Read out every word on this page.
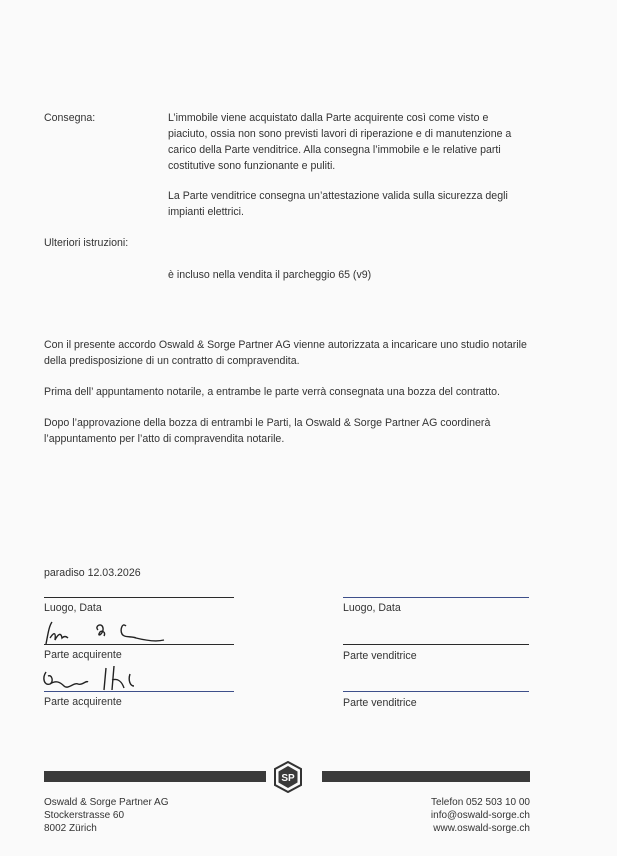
Consegna:	L’immobile viene acquistato dalla Parte acquirente così come visto e piaciuto, ossia non sono previsti lavori di riperazione e di manutenzione a carico della Parte venditrice. Alla consegna l’immobile e le relative parti costitutive sono funzionante e puliti.
La Parte venditrice consegna un’attestazione valida sulla sicurezza degli impianti elettrici.
Ulteriori istruzioni:
è incluso nella vendita il parcheggio 65 (v9)
Con il presente accordo Oswald & Sorge Partner AG vienne autorizzata a incaricare uno studio notarile della predisposizione di un contratto di compravendita.
Prima dell’ appuntamento notarile, a entrambe le parte verrà consegnata una bozza del contratto.
Dopo l’approvazione della bozza di entrambi le Parti, la Oswald & Sorge Partner AG coordinerà l’appuntamento per l’atto di compravendita notarile.
paradiso 12.03.2026
Luogo, Data	Luogo, Data
Parte acquirente	Parte venditrice
Parte acquirente	Parte venditrice
SP
Oswald & Sorge Partner AG
Stockerstrasse 60
8002 Zürich
Telefon 052 503 10 00
info@oswald-sorge.ch
www.oswald-sorge.ch
